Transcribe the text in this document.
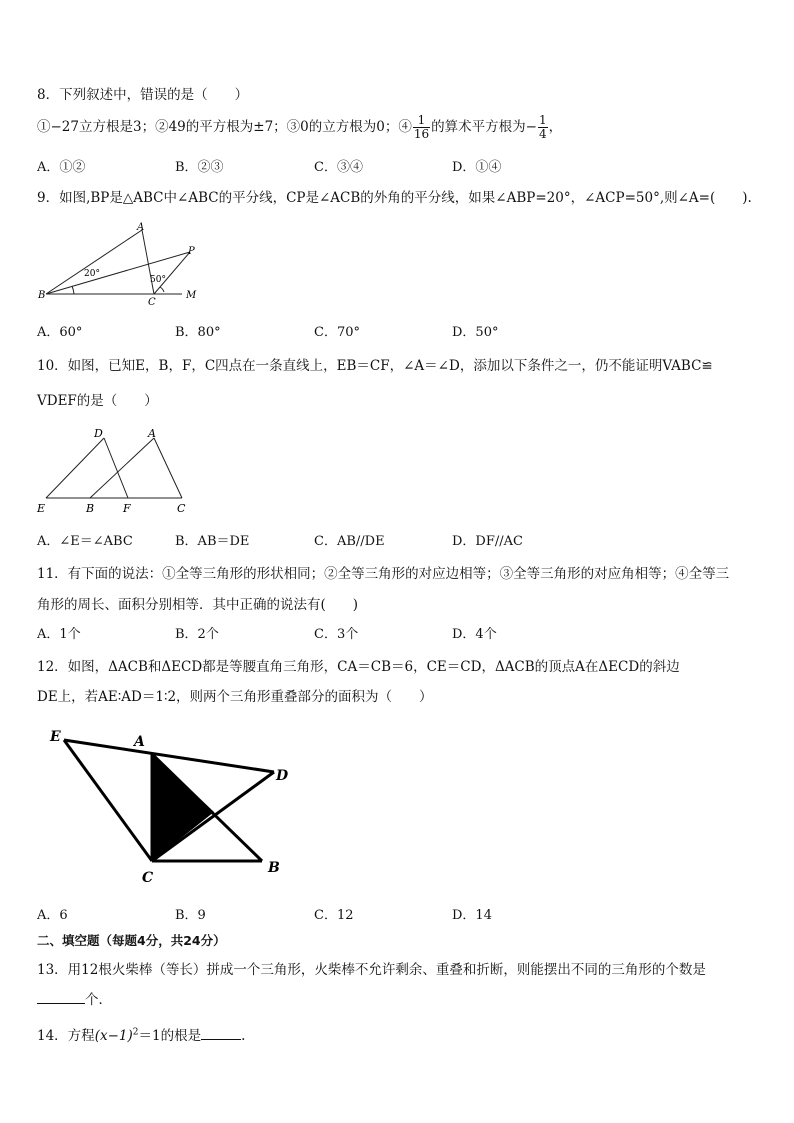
8．下列叙述中，错误的是（　　）
①−27立方根是3；②49的平方根为±7；③0的立方根为0；④ $\frac{1}{16}$ 的算术平方根为− $\frac{1}{4}$ ，
A．①②	B．②③	C．③④	D．①④
9．如图,BP是△ABC中∠ABC的平分线，CP是∠ACB的外角的平分线，如果∠ABP=20°，∠ACP=50°,则∠A=(　　).
A
P
B
C
M
20°
50°
A．60°	B．80°	C．70°	D．50°
10．如图，已知E，B，F，C四点在一条直线上，EB＝CF，∠A＝∠D，添加以下条件之一，仍不能证明VABC≌
VDEF的是（　　）
D	A
E	B	F	C
A．∠E＝∠ABC	B．AB＝DE	C．AB//DE	D．DF//AC
11．有下面的说法：①全等三角形的形状相同；②全等三角形的对应边相等；③全等三角形的对应角相等；④全等三
角形的周长、面积分别相等．其中正确的说法有(　　)
A．1个	B．2个	C．3个	D．4个
12．如图，ΔACB和ΔECD都是等腰直角三角形，CA＝CB＝6，CE＝CD，ΔACB的顶点A在ΔECD的斜边
DE上，若AE∶AD＝1∶2，则两个三角形重叠部分的面积为（　　）
E	A
D
C
B
A．6	B．9	C．12	D．14
二、填空题（每题4分，共24分）
13．用12根火柴棒（等长）拼成一个三角形，火柴棒不允许剩余、重叠和折断，则能摆出不同的三角形的个数是
个．
14．方程$(x-1)^2=1$的根是	.
